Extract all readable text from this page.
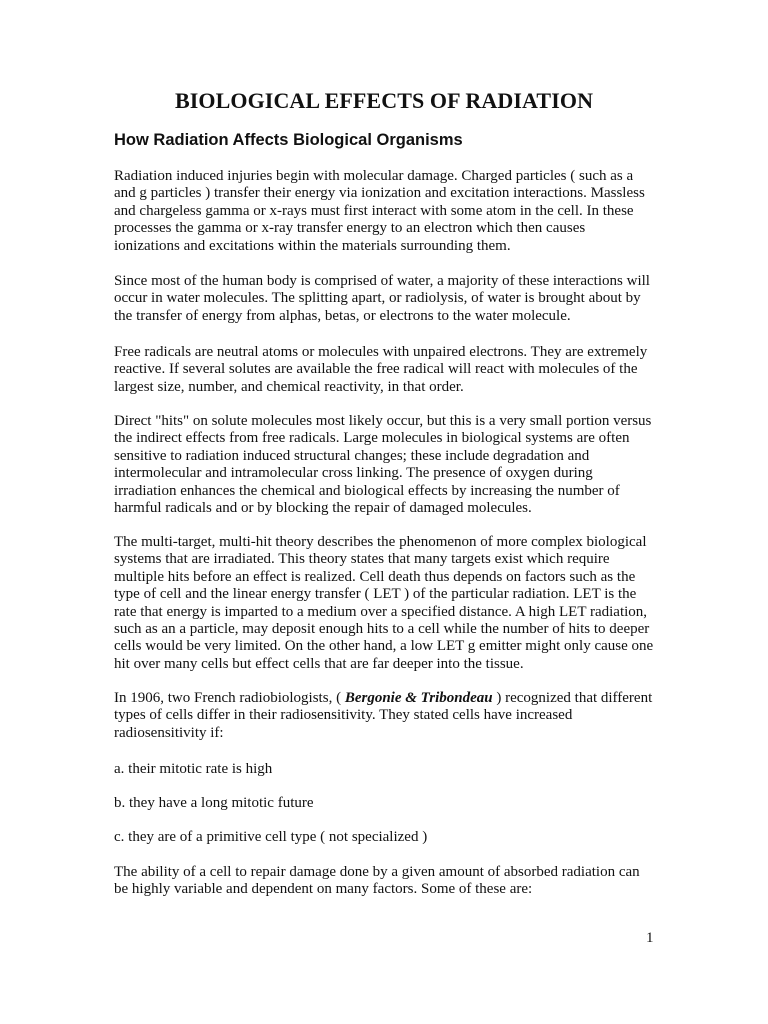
BIOLOGICAL EFFECTS OF RADIATION
How Radiation Affects Biological Organisms
Radiation induced injuries begin with molecular damage. Charged particles ( such as a
and g particles ) transfer their energy via ionization and excitation interactions. Massless
and chargeless gamma or x-rays must first interact with some atom in the cell. In these
processes the gamma or x-ray transfer energy to an electron which then causes
ionizations and excitations within the materials surrounding them.
Since most of the human body is comprised of water, a majority of these interactions will
occur in water molecules. The splitting apart, or radiolysis, of water is brought about by
the transfer of energy from alphas, betas, or electrons to the water molecule.
Free radicals are neutral atoms or molecules with unpaired electrons. They are extremely
reactive. If several solutes are available the free radical will react with molecules of the
largest size, number, and chemical reactivity, in that order.
Direct "hits" on solute molecules most likely occur, but this is a very small portion versus
the indirect effects from free radicals. Large molecules in biological systems are often
sensitive to radiation induced structural changes; these include degradation and
intermolecular and intramolecular cross linking. The presence of oxygen during
irradiation enhances the chemical and biological effects by increasing the number of
harmful radicals and or by blocking the repair of damaged molecules.
The multi-target, multi-hit theory describes the phenomenon of more complex biological
systems that are irradiated. This theory states that many targets exist which require
multiple hits before an effect is realized. Cell death thus depends on factors such as the
type of cell and the linear energy transfer ( LET ) of the particular radiation. LET is the
rate that energy is imparted to a medium over a specified distance. A high LET radiation,
such as an a particle, may deposit enough hits to a cell while the number of hits to deeper
cells would be very limited. On the other hand, a low LET g emitter might only cause one
hit over many cells but effect cells that are far deeper into the tissue.
In 1906, two French radiobiologists, ( Bergonie & Tribondeau ) recognized that different
types of cells differ in their radiosensitivity. They stated cells have increased
radiosensitivity if:
a. their mitotic rate is high
b. they have a long mitotic future
c. they are of a primitive cell type ( not specialized )
The ability of a cell to repair damage done by a given amount of absorbed radiation can
be highly variable and dependent on many factors. Some of these are:
1
